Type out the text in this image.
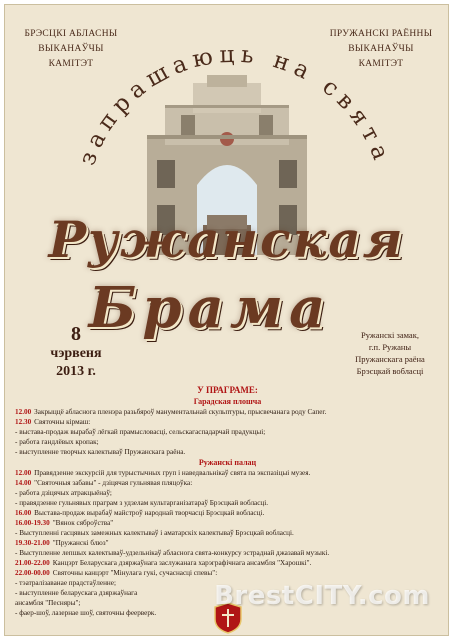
БРЭСЦКІ АБЛАСНЫ
ВЫКАНАЎЧЫ
КАМІТЭТ
ПРУЖАНСКІ РАЁННЫ
ВЫКАНАЎЧЫ
КАМІТЭТ
запрашаюць на свята
Ружанская
Брама
8
чэрвеня
2013 г.
Ружанскі замак,
г.п. Ружаны
Пружанскага раёна
Брэсцкай вобласці
У ПРАГРАМЕ:
Гарадская плошча
12.00 Закрыццё абласнога пленэра разьбярoў манументальнай скульптуры, прысвечанага роду Сапег.
12.30 Святочны кірмаш:
- выстава-продаж вырабаў лёгкай прамысловасці, сельскагаспадарчай прадукцыі;
- работа гандлёвых кропак;
- выступленне творчых калектываў Пружанскага раёна.
Ружанскі палац
12.00 Правядзенне экскурсій для турыстычных груп і наведвальнікаў свята па экспазіцыі музея.
14.00 "Святочныя забавы" - дзіцячая гульнявая пляцоўка:
- работа дзіцячых атракцыёнаў;
- правядзенне гульнявых праграм з удзелам культарганізатараў Брэсцкай вобласці.
16.00 Выстава-продаж вырабаў майстроў народнай творчасці Брэсцкай вобласці.
16.00-19.30 "Вянок сяброўства"
- Выступленні гасцявых замежных калектываў і аматарскіх калектываў Брэсцкай вобласці.
19.30-21.00 "Пружанскі блюз"
- Выступленне лепшых калектываў-удзельнікаў абласнога свята-конкурсу эстраднай джазавай музыкі.
21.00-22.00 Канцэрт Беларускага дзяржаўнага заслужанага харэграфічнага ансамбля "Харошкі".
22.00-00.00 Святочны канцэрт "Мінулага гукі, сучаснасці спевы":
- тэатралізаванае прадстаўленне;
- выступленне беларускага дзяржаўнага
ансамбля "Песняры";
- фаер-шоў, лазернае шоў, святочны феерверк.
BrestCITY.com
